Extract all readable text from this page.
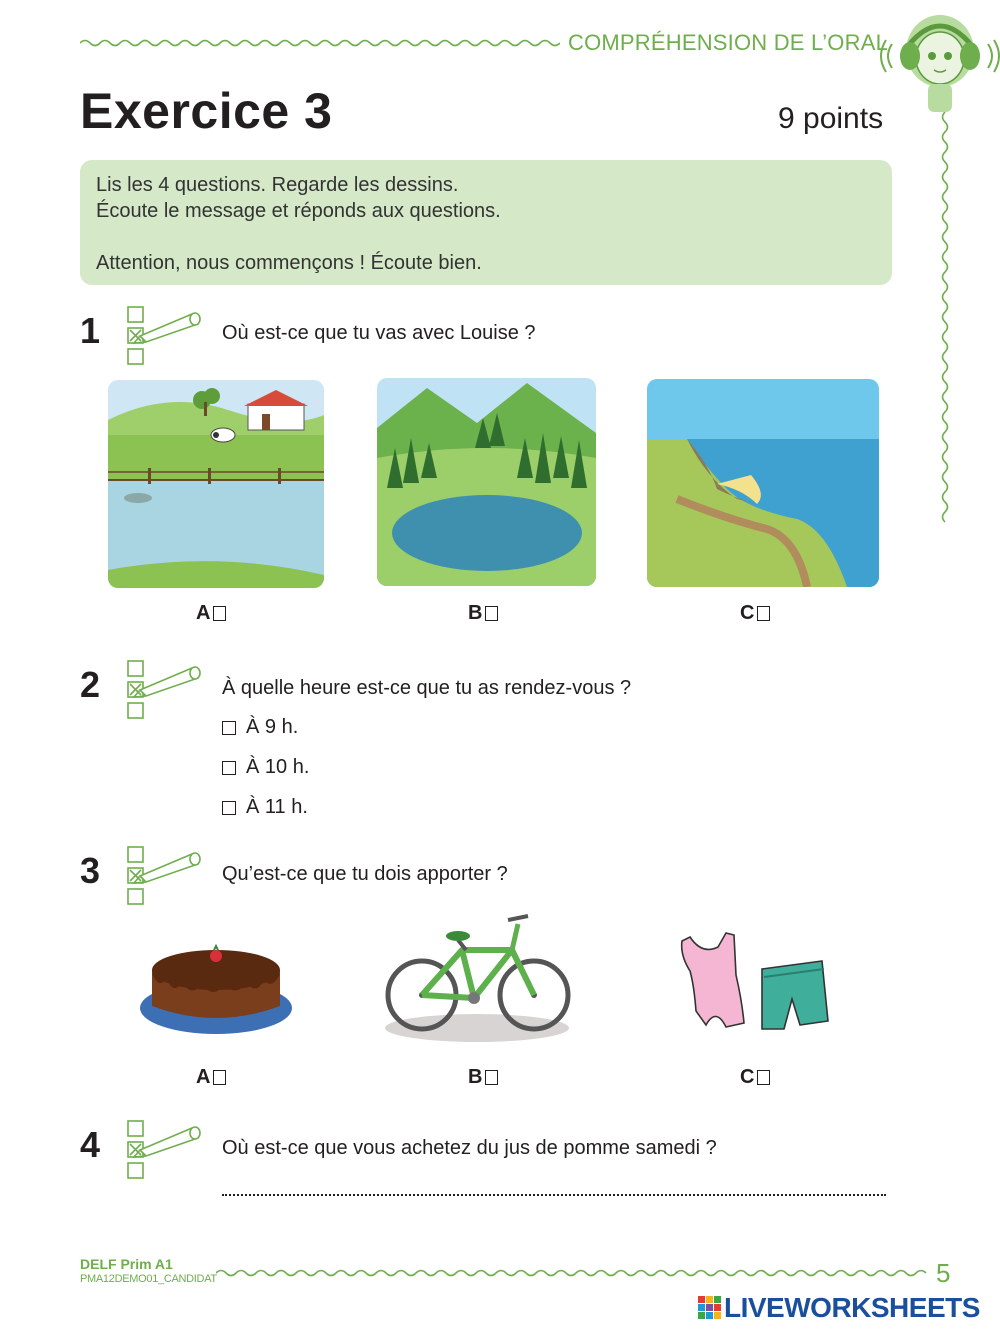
COMPRÉHENSION DE L’ORAL
Exercice 3	9 points
Lis les 4 questions. Regarde les dessins.
Écoute le message et réponds aux questions.
Attention, nous commençons ! Écoute bien.
1	Où est-ce que tu vas avec Louise ?
A	B	C
2	À quelle heure est-ce que tu as rendez-vous ?
À 9 h.
À 10 h.
À 11 h.
3	Qu’est-ce que tu dois apporter ?
A	B	C
4	Où est-ce que vous achetez du jus de pomme samedi ?
DELF Prim A1
PMA12DEMO01_CANDIDAT	5
LIVEWORKSHEETS
